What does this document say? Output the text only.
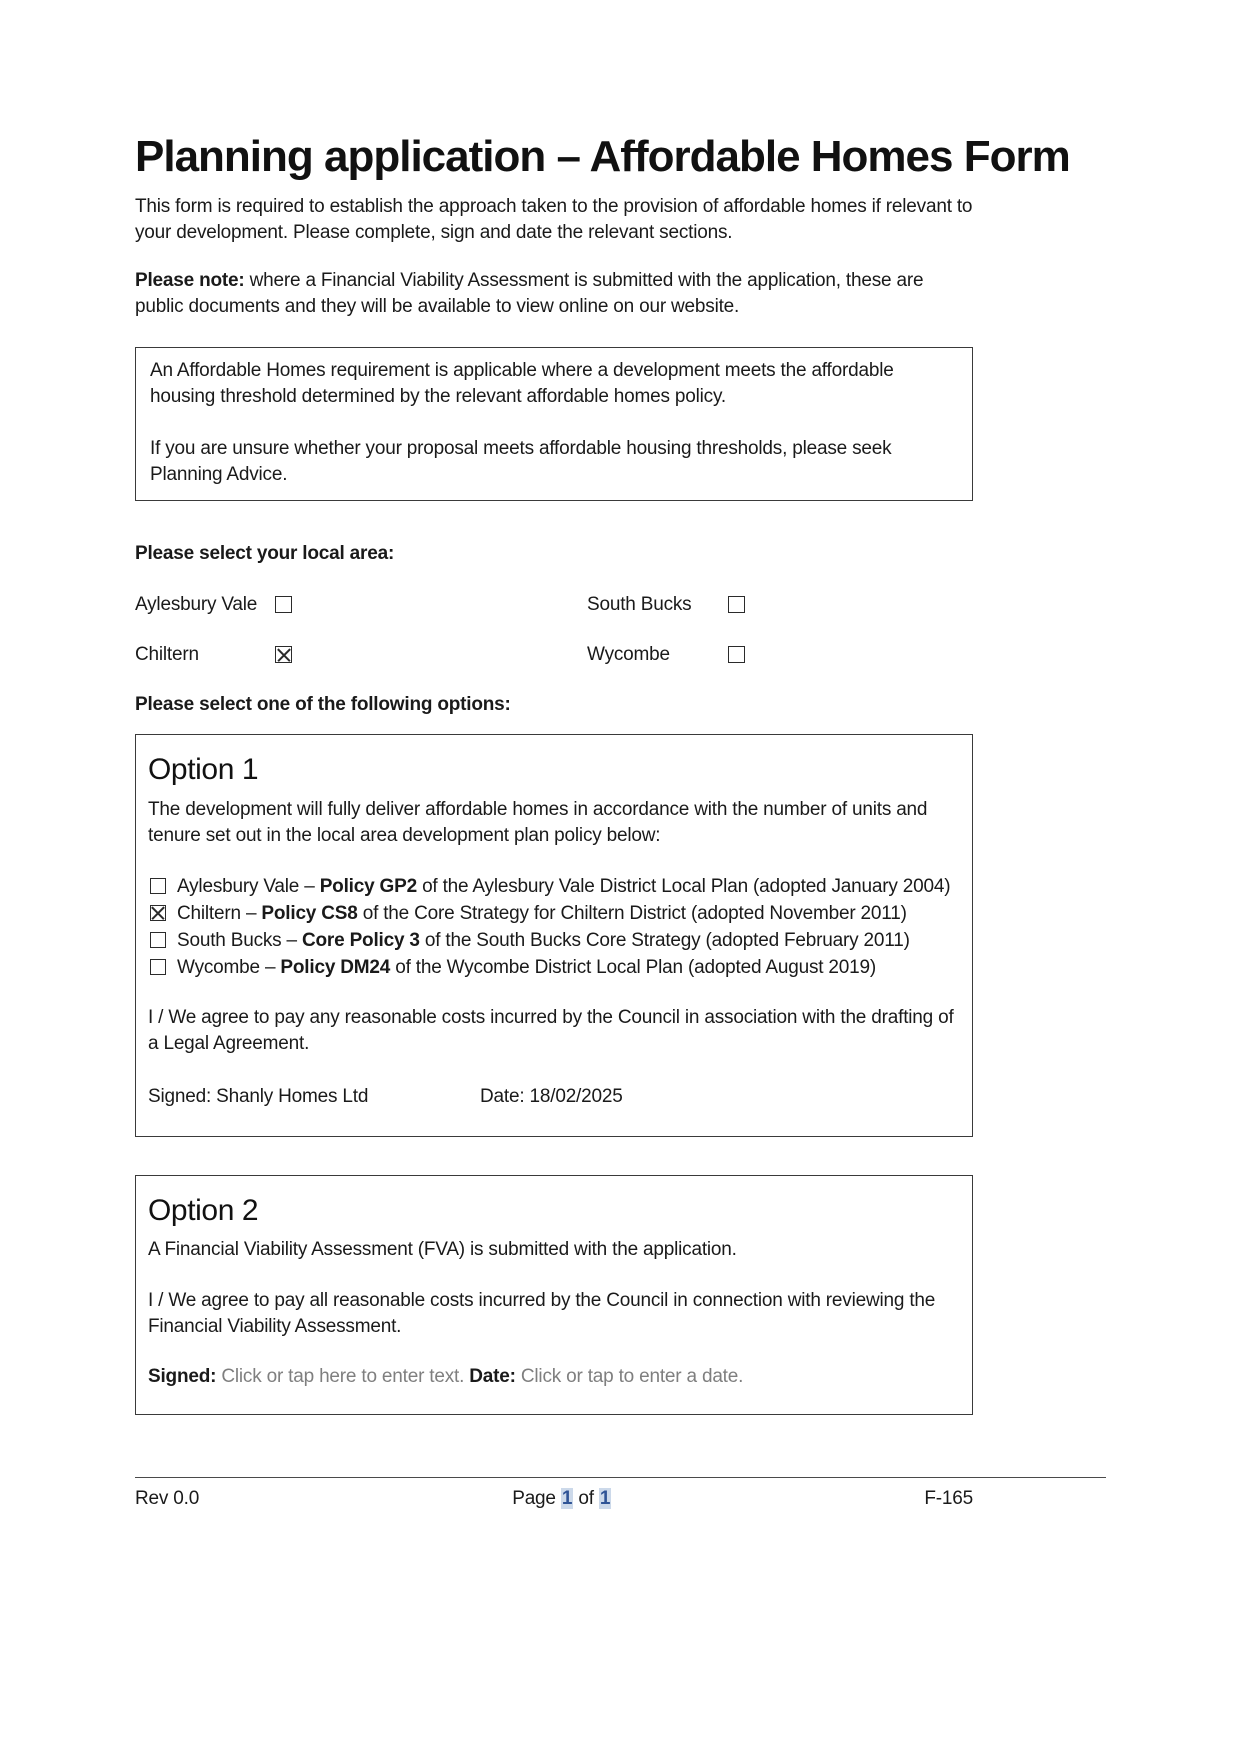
Planning application – Affordable Homes Form

This form is required to establish the approach taken to the provision of affordable homes if relevant to your development. Please complete, sign and date the relevant sections.

Please note: where a Financial Viability Assessment is submitted with the application, these are public documents and they will be available to view online on our website.

An Affordable Homes requirement is applicable where a development meets the affordable housing threshold determined by the relevant affordable homes policy.

If you are unsure whether your proposal meets affordable housing thresholds, please seek Planning Advice.

Please select your local area:

Aylesbury Vale	South Bucks
Chiltern	Wycombe

Please select one of the following options:

Option 1

The development will fully deliver affordable homes in accordance with the number of units and tenure set out in the local area development plan policy below:

Aylesbury Vale – Policy GP2 of the Aylesbury Vale District Local Plan (adopted January 2004)
Chiltern – Policy CS8 of the Core Strategy for Chiltern District (adopted November 2011)
South Bucks – Core Policy 3 of the South Bucks Core Strategy (adopted February 2011)
Wycombe – Policy DM24 of the Wycombe District Local Plan (adopted August 2019)

I / We agree to pay any reasonable costs incurred by the Council in association with the drafting of a Legal Agreement.

Signed: Shanly Homes Ltd	Date: 18/02/2025
Option 2

A Financial Viability Assessment (FVA) is submitted with the application.

I / We agree to pay all reasonable costs incurred by the Council in connection with reviewing the Financial Viability Assessment.

Signed: Click or tap here to enter text. Date: Click or tap to enter a date.

Rev 0.0	Page 1 of 1	F-165
